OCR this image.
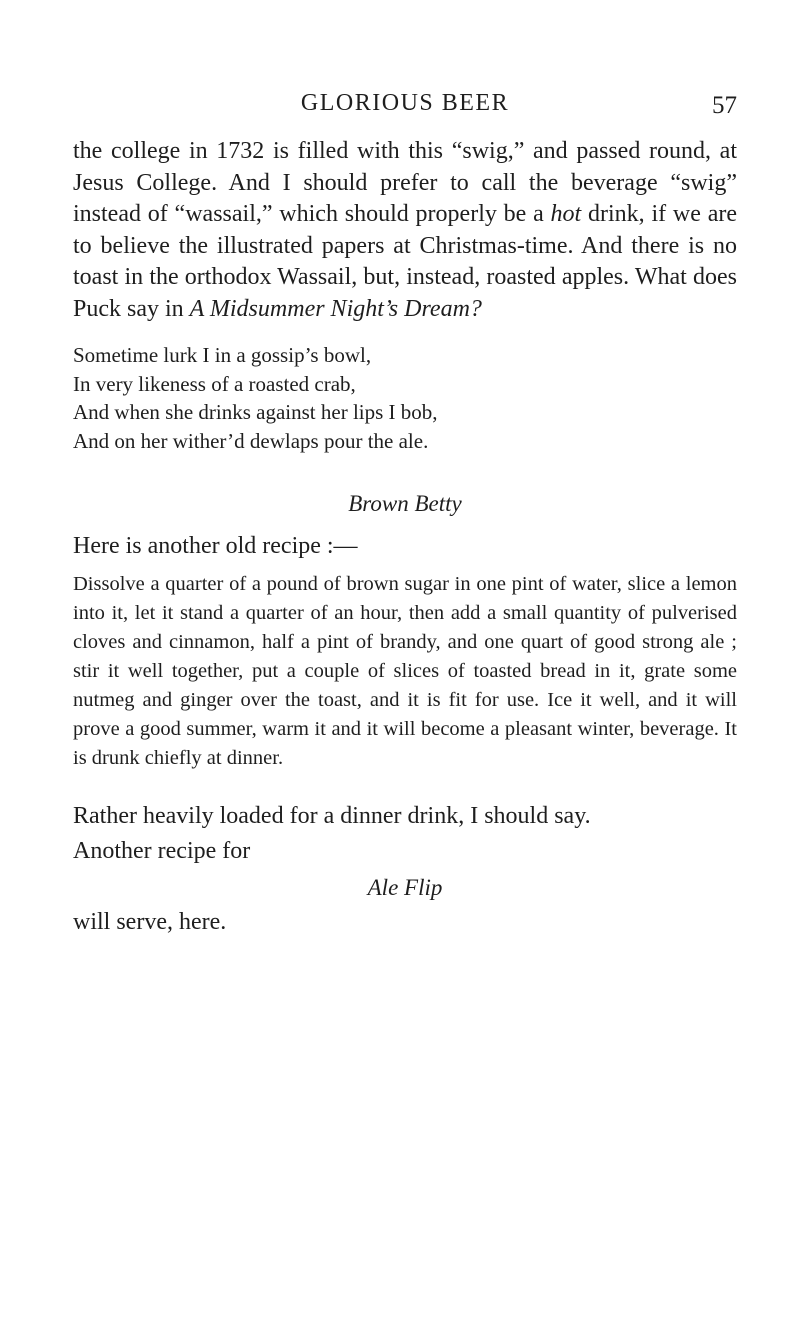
GLORIOUS BEER	57

the college in 1732 is filled with this “swig,” and passed round, at Jesus College. And I should prefer to call the beverage “swig” instead of “wassail,” which should properly be a hot drink, if we are to believe the illustrated papers at Christmas-time. And there is no toast in the orthodox Wassail, but, instead, roasted apples. What does Puck say in A Midsummer Night’s Dream?

Sometime lurk I in a gossip’s bowl,
In very likeness of a roasted crab,
And when she drinks against her lips I bob,
And on her wither’d dewlaps pour the ale.
Brown Betty

Here is another old recipe :—

Dissolve a quarter of a pound of brown sugar in one pint of water, slice a lemon into it, let it stand a quarter of an hour, then add a small quantity of pulverised cloves and cinnamon, half a pint of brandy, and one quart of good strong ale ; stir it well together, put a couple of slices of toasted bread in it, grate some nutmeg and ginger over the toast, and it is fit for use. Ice it well, and it will prove a good summer, warm it and it will become a pleasant winter, beverage. It is drunk chiefly at dinner.

Rather heavily loaded for a dinner drink, I should say.

Another recipe for

Ale Flip

will serve, here.
